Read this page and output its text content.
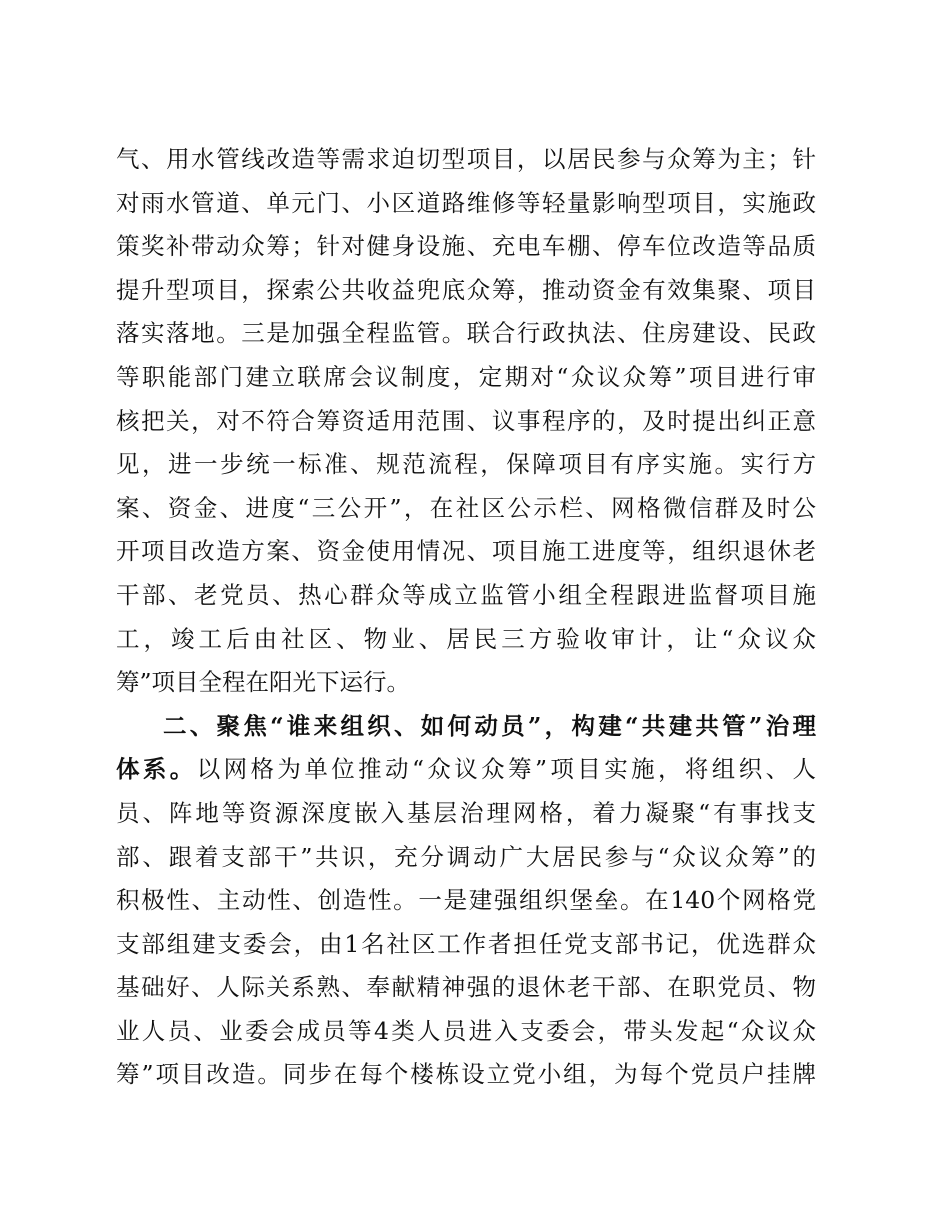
气、用水管线改造等需求迫切型项目，以居民参与众筹为主；针
对雨水管道、单元门、小区道路维修等轻量影响型项目，实施政
策奖补带动众筹；针对健身设施、充电车棚、停车位改造等品质
提升型项目，探索公共收益兜底众筹，推动资金有效集聚、项目
落实落地。三是加强全程监管。联合行政执法、住房建设、民政
等职能部门建立联席会议制度，定期对“众议众筹”项目进行审
核把关，对不符合筹资适用范围、议事程序的，及时提出纠正意
见，进一步统一标准、规范流程，保障项目有序实施。实行方
案、资金、进度“三公开”，在社区公示栏、网格微信群及时公
开项目改造方案、资金使用情况、项目施工进度等，组织退休老
干部、老党员、热心群众等成立监管小组全程跟进监督项目施
工，竣工后由社区、物业、居民三方验收审计，让“众议众
筹”项目全程在阳光下运行。
二、聚焦“谁来组织、如何动员”，构建“共建共管”治理
体系。以网格为单位推动“众议众筹”项目实施，将组织、人
员、阵地等资源深度嵌入基层治理网格，着力凝聚“有事找支
部、跟着支部干”共识，充分调动广大居民参与“众议众筹”的
积极性、主动性、创造性。一是建强组织堡垒。在140个网格党
支部组建支委会，由1名社区工作者担任党支部书记，优选群众
基础好、人际关系熟、奉献精神强的退休老干部、在职党员、物
业人员、业委会成员等4类人员进入支委会，带头发起“众议众
筹”项目改造。同步在每个楼栋设立党小组，为每个党员户挂牌
